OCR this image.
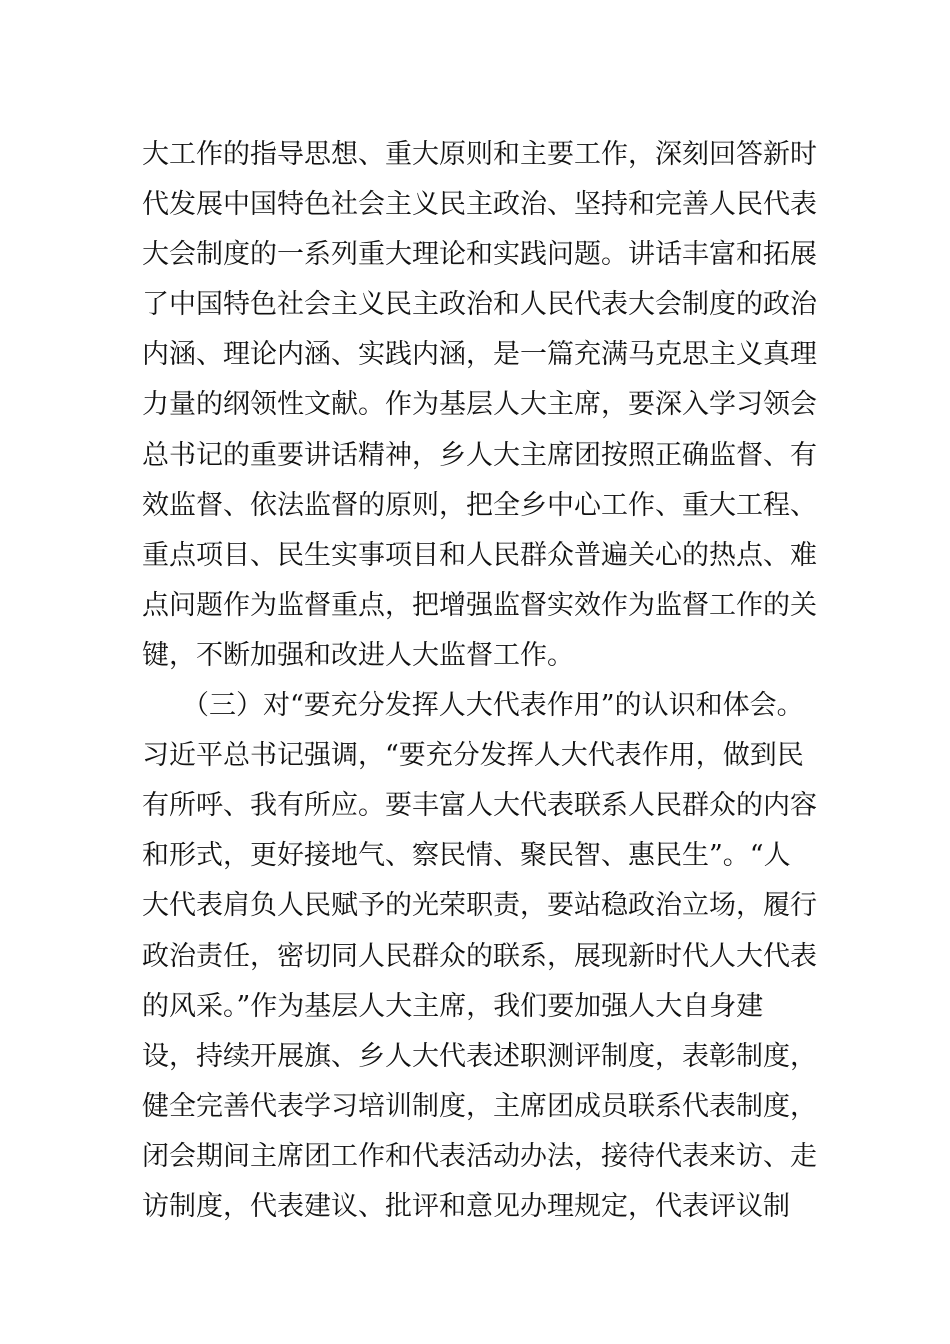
大工作的指导思想、重大原则和主要工作，深刻回答新时
代发展中国特色社会主义民主政治、坚持和完善人民代表
大会制度的一系列重大理论和实践问题。讲话丰富和拓展
了中国特色社会主义民主政治和人民代表大会制度的政治
内涵、理论内涵、实践内涵，是一篇充满马克思主义真理
力量的纲领性文献。作为基层人大主席，要深入学习领会
总书记的重要讲话精神，乡人大主席团按照正确监督、有
效监督、依法监督的原则，把全乡中心工作、重大工程、
重点项目、民生实事项目和人民群众普遍关心的热点、难
点问题作为监督重点，把增强监督实效作为监督工作的关
键，不断加强和改进人大监督工作。
（三）对“要充分发挥人大代表作用”的认识和体会。
习近平总书记强调，“要充分发挥人大代表作用，做到民
有所呼、我有所应。要丰富人大代表联系人民群众的内容
和形式，更好接地气、察民情、聚民智、惠民生”。“人
大代表肩负人民赋予的光荣职责，要站稳政治立场，履行
政治责任，密切同人民群众的联系，展现新时代人大代表
的风采。”作为基层人大主席，我们要加强人大自身建
设，持续开展旗、乡人大代表述职测评制度，表彰制度，
健全完善代表学习培训制度，主席团成员联系代表制度，
闭会期间主席团工作和代表活动办法，接待代表来访、走
访制度，代表建议、批评和意见办理规定，代表评议制
